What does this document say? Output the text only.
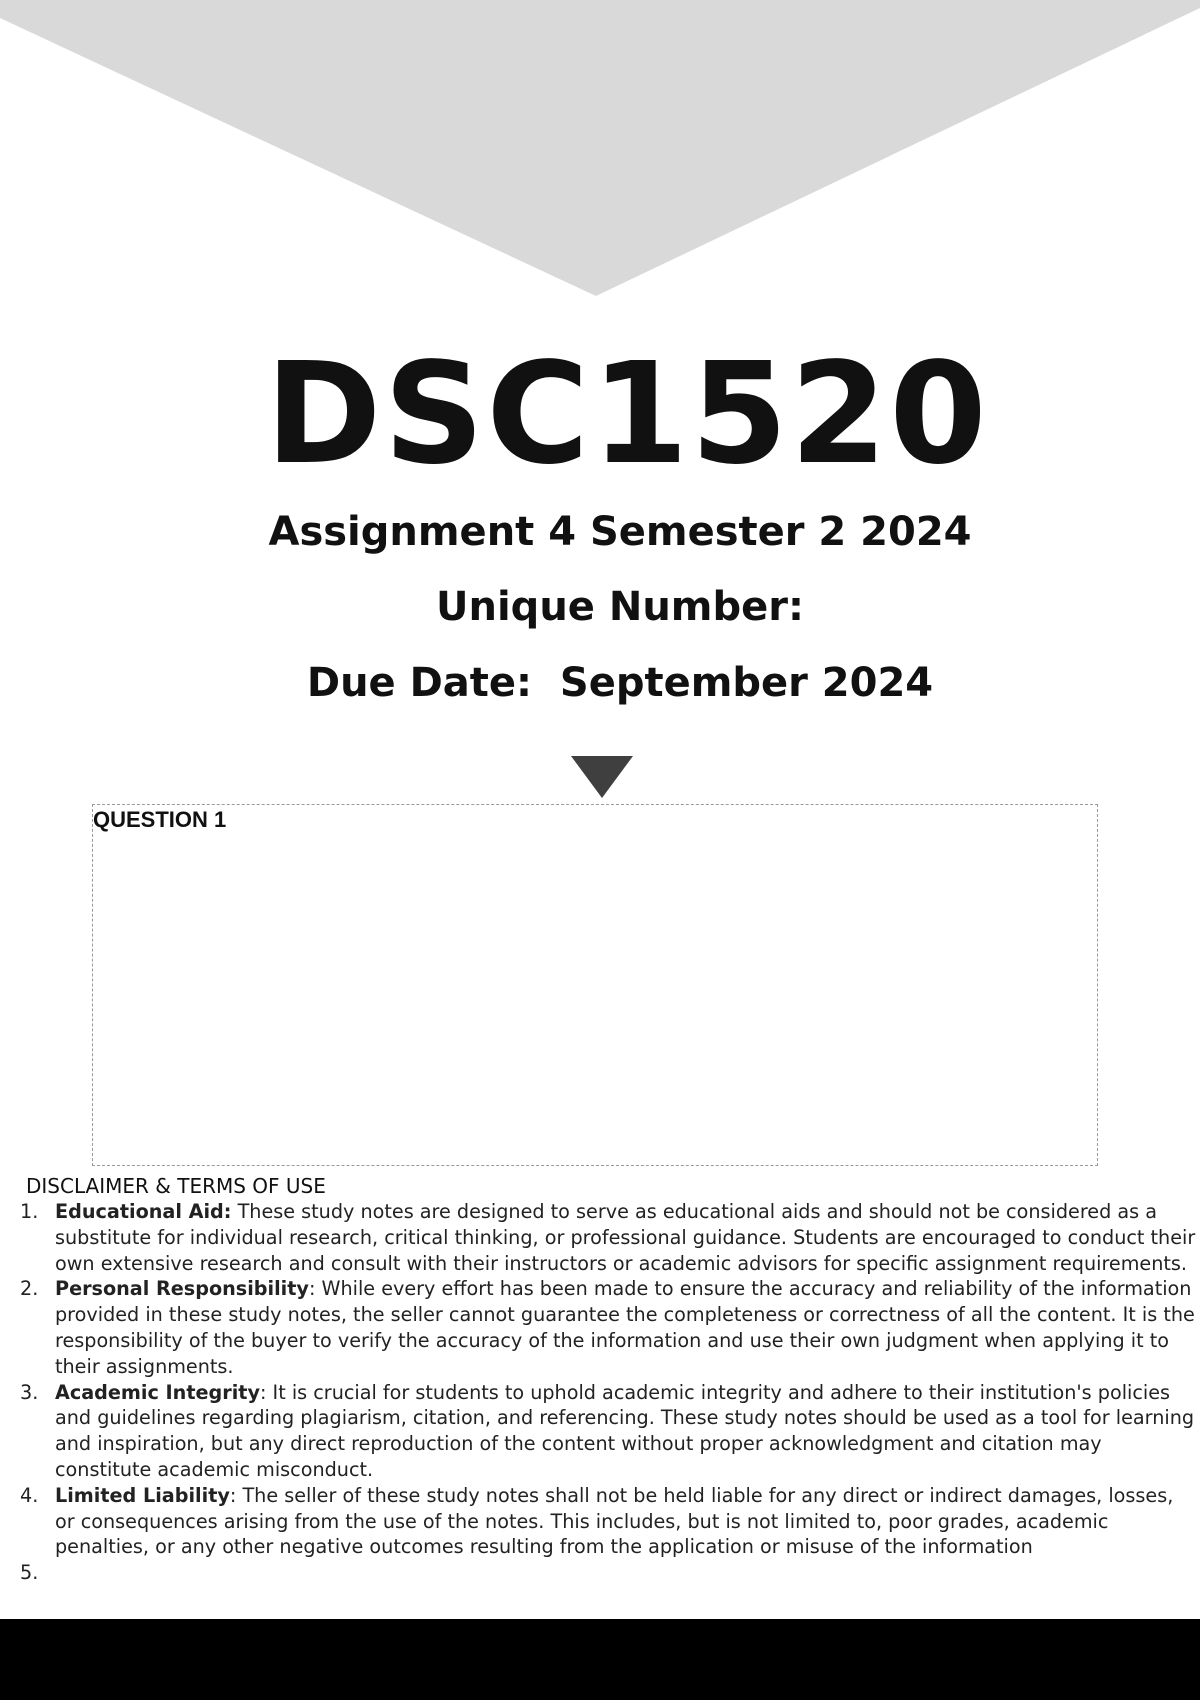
DSC1520
Assignment 4 Semester 2 2024
Unique Number:
Due Date:  September 2024
QUESTION 1
DISCLAIMER & TERMS OF USE
1. Educational Aid: These study notes are designed to serve as educational aids and should not be considered as a substitute for individual research, critical thinking, or professional guidance. Students are encouraged to conduct their own extensive research and consult with their instructors or academic advisors for specific assignment requirements.
2. Personal Responsibility: While every effort has been made to ensure the accuracy and reliability of the information provided in these study notes, the seller cannot guarantee the completeness or correctness of all the content. It is the responsibility of the buyer to verify the accuracy of the information and use their own judgment when applying it to their assignments.
3. Academic Integrity: It is crucial for students to uphold academic integrity and adhere to their institution's policies and guidelines regarding plagiarism, citation, and referencing. These study notes should be used as a tool for learning and inspiration, but any direct reproduction of the content without proper acknowledgment and citation may constitute academic misconduct.
4. Limited Liability: The seller of these study notes shall not be held liable for any direct or indirect damages, losses, or consequences arising from the use of the notes. This includes, but is not limited to, poor grades, academic penalties, or any other negative outcomes resulting from the application or misuse of the information
5.
